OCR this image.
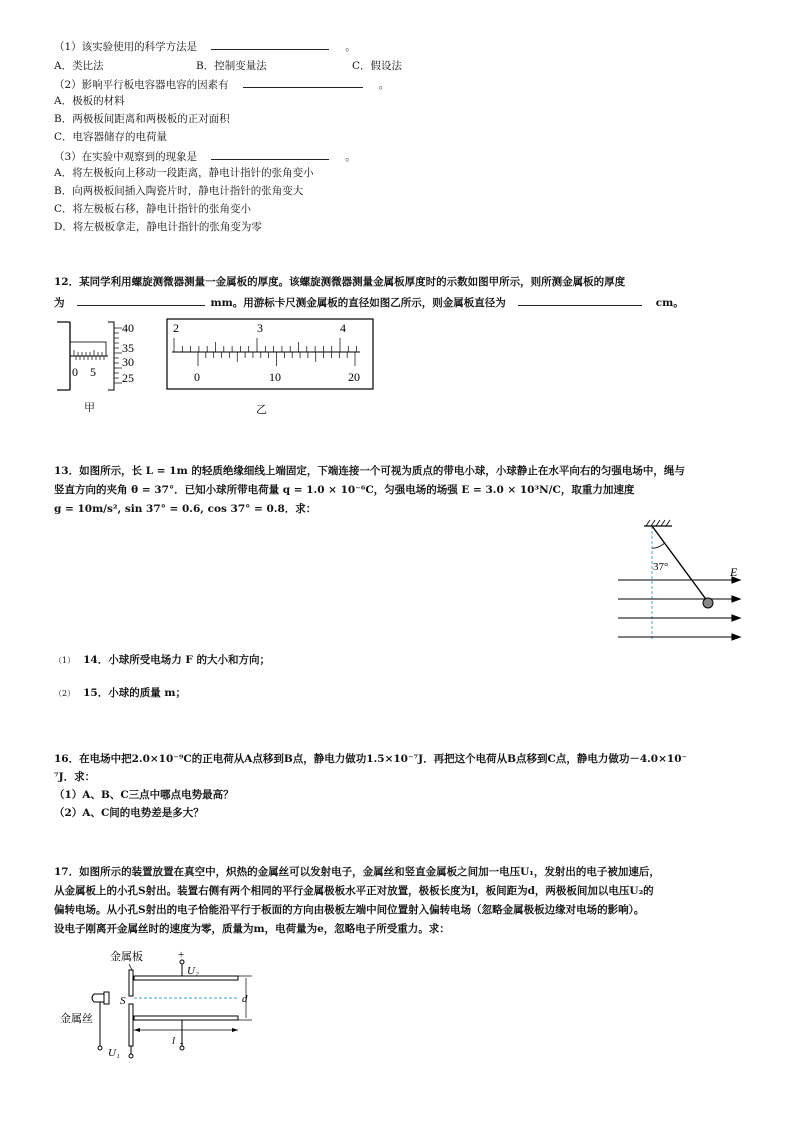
（1）该实验使用的科学方法是	。
A．类比法	B．控制变量法	C．假设法
（2）影响平行板电容器电容的因素有	。
A．极板的材料
B．两极板间距离和两极板的正对面积
C．电容器储存的电荷量
（3）在实验中观察到的现象是	。
A．将左极板向上移动一段距离，静电计指针的张角变小
B．向两极板间插入陶瓷片时，静电计指针的张角变大
C．将左极板右移，静电计指针的张角变小
D．将左极板拿走，静电计指针的张角变为零
12．某同学利用螺旋测微器测量一金属板的厚度。该螺旋测微器测量金属板厚度时的示数如图甲所示，则所测金属板的厚度
为	mm。用游标卡尺测金属板的直径如图乙所示，则金属板直径为	cm。
0 5
40
35
30
25
甲
2	3	4
0	10	20
乙
13．如图所示，长 L = 1m 的轻质绝缘细线上端固定，下端连接一个可视为质点的带电小球，小球静止在水平向右的匀强电场中，绳与
竖直方向的夹角 θ = 37°．已知小球所带电荷量 q = 1.0 × 10⁻⁶C，匀强电场的场强 E = 3.0 × 10³N/C，取重力加速度
g = 10m/s², sin 37° = 0.6, cos 37° = 0.8．求：
37°	E
（1） 14．小球所受电场力 F 的大小和方向；
（2） 15．小球的质量 m；
16．在电场中把2.0×10⁻⁹C的正电荷从A点移到B点，静电力做功1.5×10⁻⁷J．再把这个电荷从B点移到C点，静电力做功－4.0×10⁻
⁷J．求：
（1）A、B、C三点中哪点电势最高？
（2）A、C间的电势差是多大？
17．如图所示的装置放置在真空中，炽热的金属丝可以发射电子，金属丝和竖直金属板之间加一电压U₁，发射出的电子被加速后，
从金属板上的小孔S射出。装置右侧有两个相同的平行金属极板水平正对放置，极板长度为l，板间距为d，两极板间加以电压U₂的
偏转电场。从小孔S射出的电子恰能沿平行于板面的方向由极板左端中间位置射入偏转电场（忽略金属极板边缘对电场的影响）。
设电子刚离开金属丝时的速度为零，质量为m，电荷量为e，忽略电子所受重力。求：
金属板
金属丝
U₁
S
+
U₂
-
d
l
